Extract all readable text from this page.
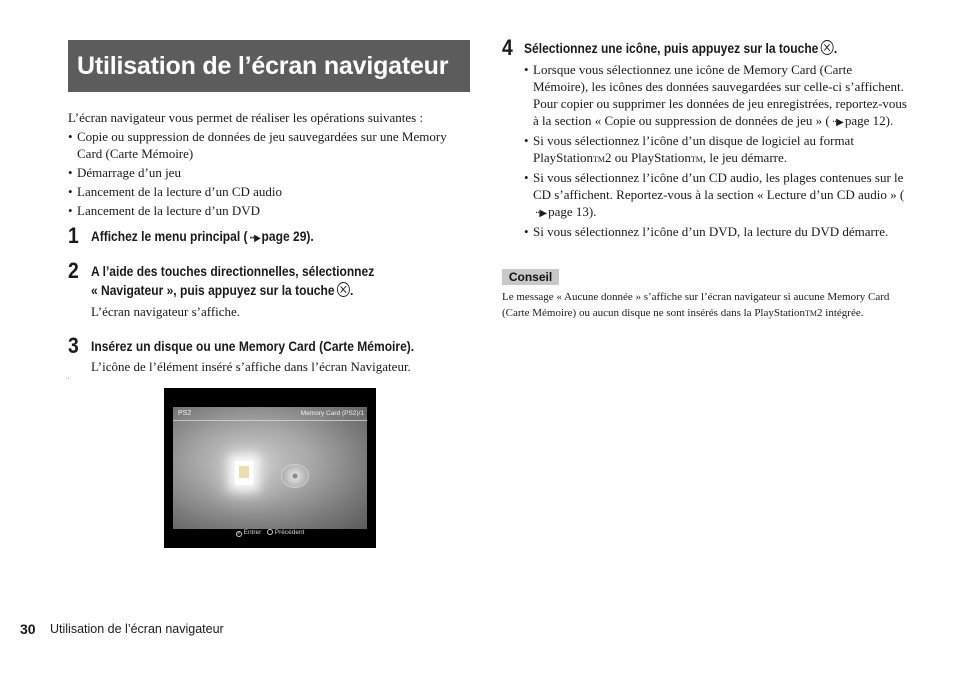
Utilisation de l’écran navigateur

L’écran navigateur vous permet de réaliser les opérations suivantes :

• Copie ou suppression de données de jeu sauvegardées sur une Memory Card (Carte Mémoire)
• Démarrage d’un jeu
• Lancement de la lecture d’un CD audio
• Lancement de la lecture d’un DVD
1 Affichez le menu principal ( ··▶ page 29).
2 A l’aide des touches directionnelles, sélectionnez
« Navigateur », puis appuyez sur la touche .
L’écran navigateur s’affiche.
3 Insérez un disque ou une Memory Card (Carte Mémoire).
L’icône de l’élément inséré s’affiche dans l’écran Navigateur.
PS2	Memory Card (PS2)/1
× Entrer Précédent
4 Sélectionnez une icône, puis appuyez sur la touche .
• Lorsque vous sélectionnez une icône de Memory Card (Carte Mémoire), les icônes des données sauvegardées sur celle-ci s’affichent. Pour copier ou supprimer les données de jeu enregistrées, reportez-vous à la section « Copie ou suppression de données de jeu » ( ··▶ page 12).
• Si vous sélectionnez l’icône d’un disque de logiciel au format PlayStationTM2 ou PlayStationTM, le jeu démarre.
• Si vous sélectionnez l’icône d’un CD audio, les plages contenues sur le CD s’affichent. Reportez-vous à la section « Lecture d’un CD audio » (··▶ page 13).
• Si vous sélectionnez l’icône d’un DVD, la lecture du DVD démarre.
Conseil
Le message « Aucune donnée » s’affiche sur l’écran navigateur si aucune Memory Card (Carte Mémoire) ou aucun disque ne sont insérés dans la PlayStationTM2 intégrée.
30 Utilisation de l’écran navigateur
